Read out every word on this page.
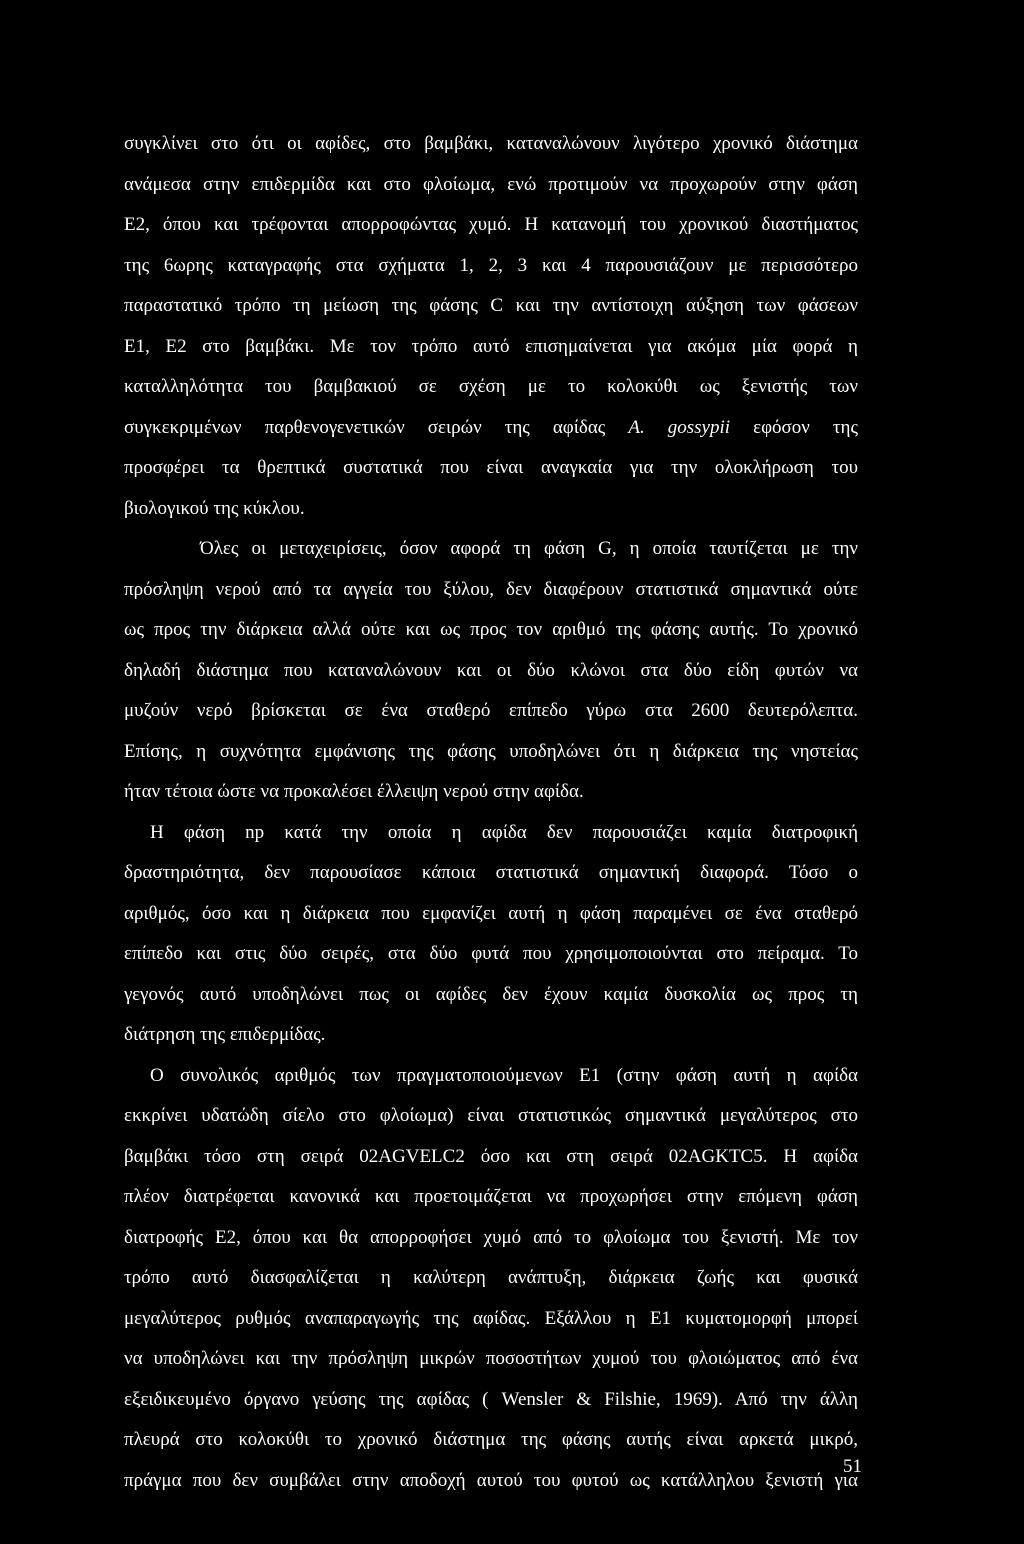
συγκλίνει στο ότι οι αφίδες, στο βαμβάκι, καταναλώνουν λιγότερο χρονικό διάστημα
ανάμεσα στην επιδερμίδα και στο φλοίωμα, ενώ προτιμούν να προχωρούν στην φάση
Ε2, όπου και τρέφονται απορροφώντας χυμό. Η κατανομή του χρονικού διαστήματος
της 6ωρης καταγραφής στα σχήματα 1, 2, 3 και 4 παρουσιάζουν με περισσότερο
παραστατικό τρόπο τη μείωση της φάσης C και την αντίστοιχη αύξηση των φάσεων
Ε1, Ε2 στο βαμβάκι. Με τον τρόπο αυτό επισημαίνεται για ακόμα μία φορά η
καταλληλότητα του βαμβακιού σε σχέση με το κολοκύθι ως ξενιστής των
συγκεκριμένων παρθενογενετικών σειρών της αφίδας A. gossypii εφόσον της
προσφέρει τα θρεπτικά συστατικά που είναι αναγκαία για την ολοκλήρωση του
βιολογικού της κύκλου.
Όλες οι μεταχειρίσεις, όσον αφορά τη φάση G, η οποία ταυτίζεται με την
πρόσληψη νερού από τα αγγεία του ξύλου, δεν διαφέρουν στατιστικά σημαντικά ούτε
ως προς την διάρκεια αλλά ούτε και ως προς τον αριθμό της φάσης αυτής. Το χρονικό
δηλαδή διάστημα που καταναλώνουν και οι δύο κλώνοι στα δύο είδη φυτών να
μυζούν νερό βρίσκεται σε ένα σταθερό επίπεδο γύρω στα 2600 δευτερόλεπτα.
Επίσης, η συχνότητα εμφάνισης της φάσης υποδηλώνει ότι η διάρκεια της νηστείας
ήταν τέτοια ώστε να προκαλέσει έλλειψη νερού στην αφίδα.
Η φάση np κατά την οποία η αφίδα δεν παρουσιάζει καμία διατροφική
δραστηριότητα, δεν παρουσίασε κάποια στατιστικά σημαντική διαφορά. Τόσο ο
αριθμός, όσο και η διάρκεια που εμφανίζει αυτή η φάση παραμένει σε ένα σταθερό
επίπεδο και στις δύο σειρές, στα δύο φυτά που χρησιμοποιούνται στο πείραμα. Το
γεγονός αυτό υποδηλώνει πως οι αφίδες δεν έχουν καμία δυσκολία ως προς τη
διάτρηση της επιδερμίδας.
Ο συνολικός αριθμός των πραγματοποιούμενων Ε1 (στην φάση αυτή η αφίδα
εκκρίνει υδατώδη σίελο στο φλοίωμα) είναι στατιστικώς σημαντικά μεγαλύτερος στο
βαμβάκι τόσο στη σειρά 02AGVELC2 όσο και στη σειρά 02AGKTC5. Η αφίδα
πλέον διατρέφεται κανονικά και προετοιμάζεται να προχωρήσει στην επόμενη φάση
διατροφής Ε2, όπου και θα απορροφήσει χυμό από το φλοίωμα του ξενιστή. Με τον
τρόπο αυτό διασφαλίζεται η καλύτερη ανάπτυξη, διάρκεια ζωής και φυσικά
μεγαλύτερος ρυθμός αναπαραγωγής της αφίδας. Εξάλλου η Ε1 κυματομορφή μπορεί
να υποδηλώνει και την πρόσληψη μικρών ποσοστήτων χυμού του φλοιώματος από ένα
εξειδικευμένο όργανο γεύσης της αφίδας ( Wensler & Filshie, 1969). Από την άλλη
πλευρά στο κολοκύθι το χρονικό διάστημα της φάσης αυτής είναι αρκετά μικρό,
πράγμα που δεν συμβάλει στην αποδοχή αυτού του φυτού ως κατάλληλου ξενιστή για
51
